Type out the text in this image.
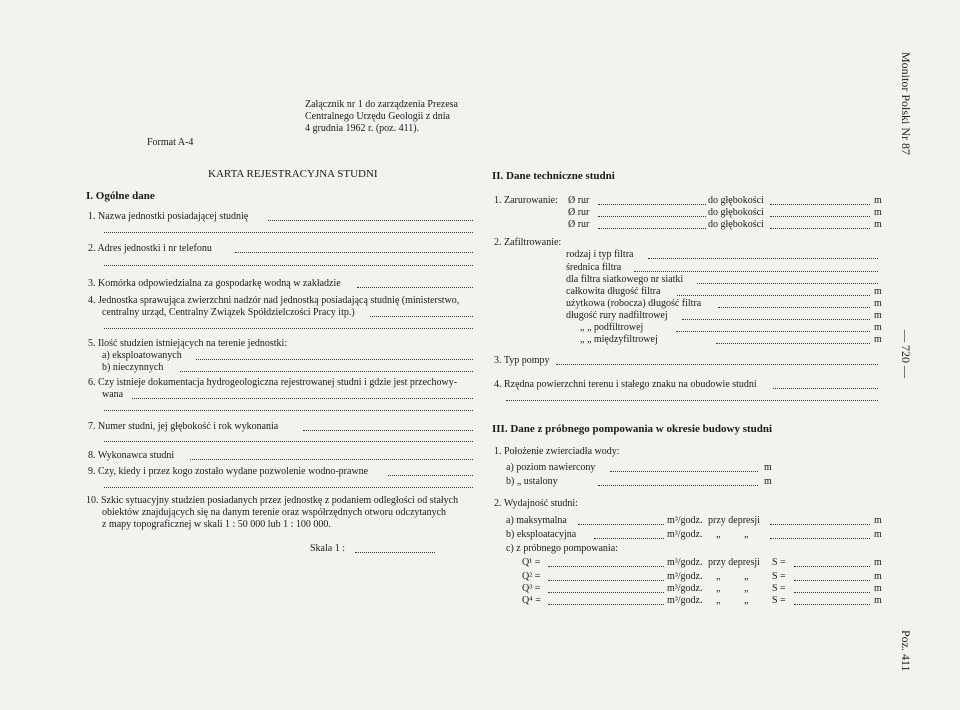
Załącznik nr 1 do zarządzenia Prezesa
Centralnego Urzędu Geologii z dnia
4 grudnia 1962 r. (poz. 411).
Format A-4
KARTA REJESTRACYJNA STUDNI
Monitor Polski Nr 87
— 720 —
Poz. 411
I. Ogólne dane
1. Nazwa jednostki posiadającej studnię
2. Adres jednostki i nr telefonu
3. Komórka odpowiedzialna za gospodarkę wodną w zakładzie
4. Jednostka sprawująca zwierzchni nadzór nad jednostką posiadającą studnię (ministerstwo,
centralny urząd, Centralny Związek Spółdzielczości Pracy itp.)
5. Ilość studzien istniejących na terenie jednostki:
a) eksploatowanych
b) nieczynnych
6. Czy istnieje dokumentacja hydrogeologiczna rejestrowanej studni i gdzie jest przechowy-
wana
7. Numer studni, jej głębokość i rok wykonania
8. Wykonawca studni
9. Czy, kiedy i przez kogo zostało wydane pozwolenie wodno-prawne
10. Szkic sytuacyjny studzien posiadanych przez jednostkę z podaniem odległości od stałych
obiektów znajdujących się na danym terenie oraz współrzędnych otworu odczytanych
z mapy topograficznej w skali 1 : 50 000 lub 1 : 100 000.
Skala 1 :
II. Dane techniczne studni
1. Zarurowanie: Ø rur	do głębokości	m
Ø rur	do głębokości	m
Ø rur	do głębokości	m
2. Zafiltrowanie:
rodzaj i typ filtra
średnica filtra
dla filtra siatkowego nr siatki
całkowita długość filtra	m
użytkowa (robocza) długość filtra	m
długość rury nadfiltrowej	m
„ „ podfiltrowej	m
„ „ międzyfiltrowej	m
3. Typ pompy
4. Rzędna powierzchni terenu i stałego znaku na obudowie studni
III. Dane z próbnego pompowania w okresie budowy studni
1. Położenie zwierciadła wody:
a) poziom nawiercony	m
b) „ ustalony	m
2. Wydajność studni:
a) maksymalna	m³/godz. przy depresji	m
b) eksploatacyjna	m³/godz. „ „	m
c) z próbnego pompowania:
Q¹ =	m³/godz. przy depresji S =	m
Q² =	m³/godz. „ „ S =	m
Q³ =	m³/godz. „ „ S =	m
Q⁴ =	m³/godz. „ „ S =	m
